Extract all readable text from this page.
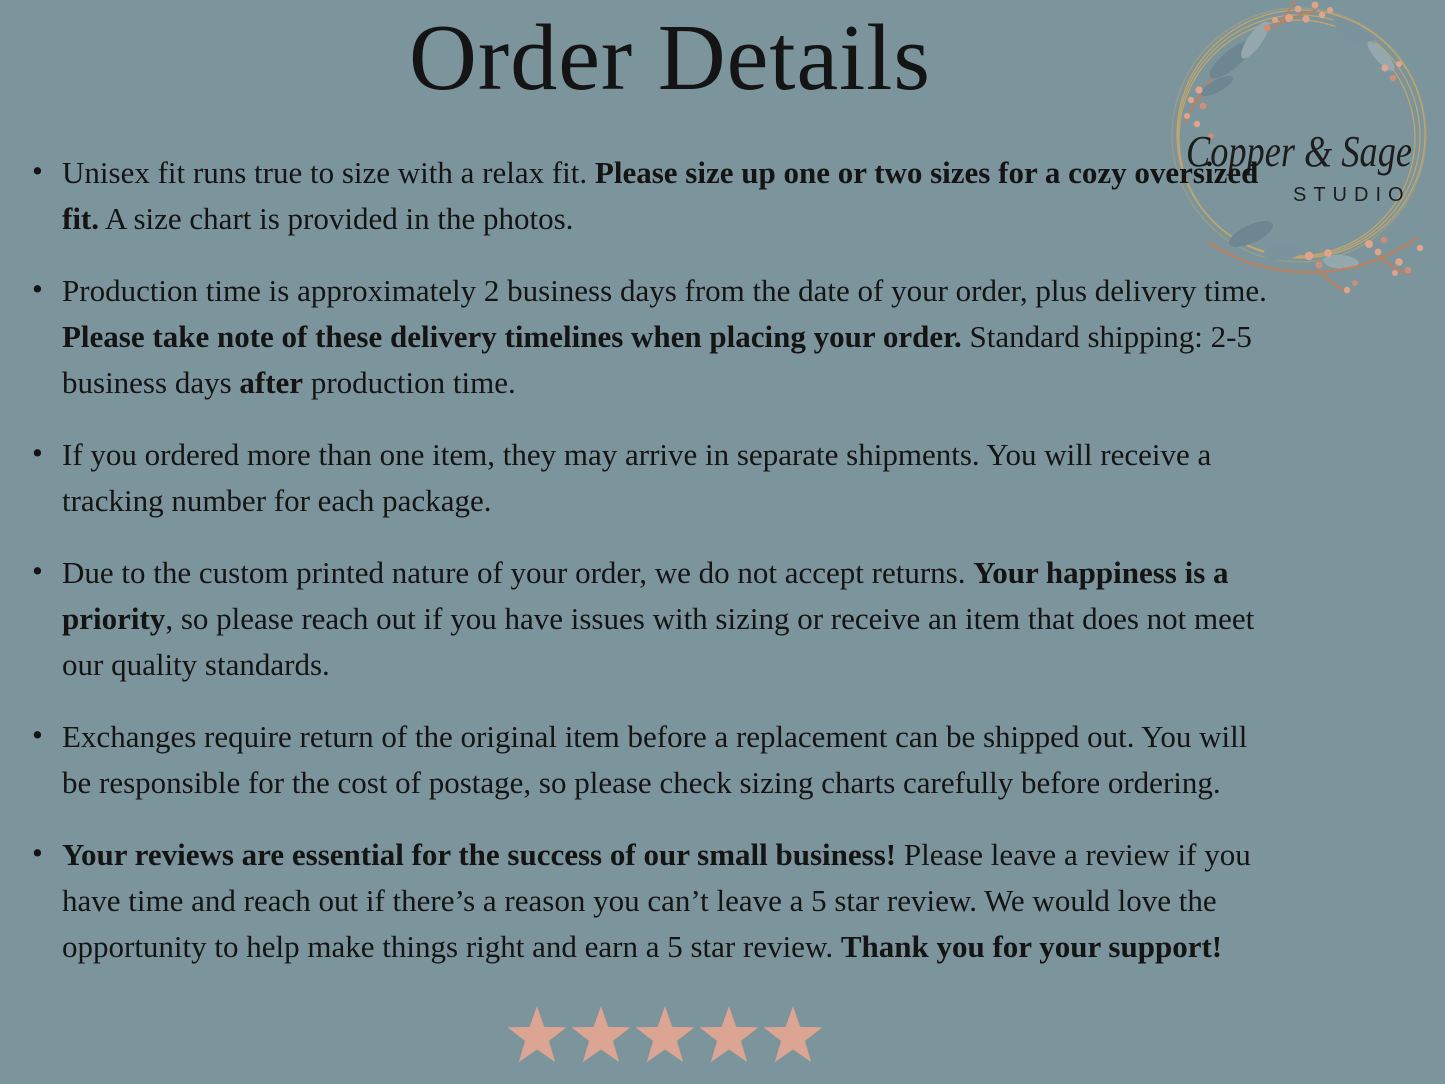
Order Details
Copper & Sage
STUDIO
• Unisex fit runs true to size with a relax fit. Please size up one or two sizes for a cozy oversized fit. A size chart is provided in the photos.
• Production time is approximately 2 business days from the date of your order, plus delivery time. Please take note of these delivery timelines when placing your order. Standard shipping: 2-5 business days after production time.
• If you ordered more than one item, they may arrive in separate shipments. You will receive a tracking number for each package.
• Due to the custom printed nature of your order, we do not accept returns. Your happiness is a priority, so please reach out if you have issues with sizing or receive an item that does not meet our quality standards.
• Exchanges require return of the original item before a replacement can be shipped out. You will be responsible for the cost of postage, so please check sizing charts carefully before ordering.
• Your reviews are essential for the success of our small business! Please leave a review if you have time and reach out if there’s a reason you can’t leave a 5 star review. We would love the opportunity to help make things right and earn a 5 star review. Thank you for your support!
